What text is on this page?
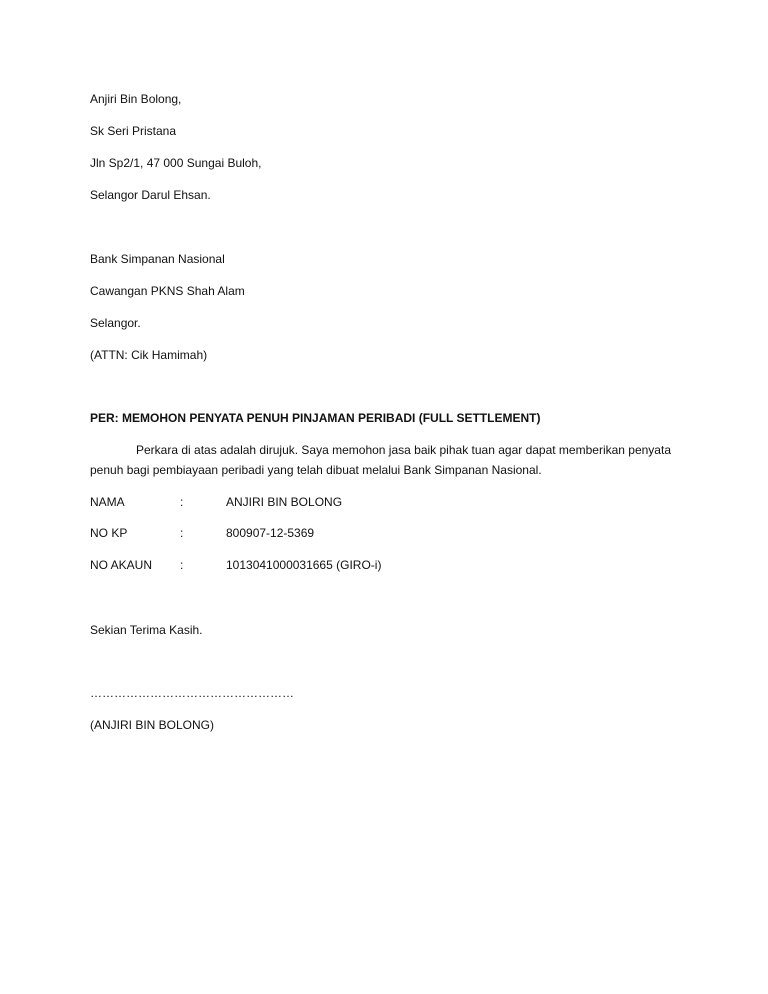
Anjiri Bin Bolong,
Sk Seri Pristana
Jln Sp2/1, 47 000 Sungai Buloh,
Selangor Darul Ehsan.
Bank Simpanan Nasional
Cawangan PKNS Shah Alam
Selangor.
(ATTN: Cik Hamimah)
PER: MEMOHON PENYATA PENUH PINJAMAN PERIBADI (FULL SETTLEMENT)
Perkara di atas adalah dirujuk. Saya memohon jasa baik pihak tuan agar dapat memberikan penyata penuh bagi pembiayaan peribadi yang telah dibuat melalui Bank Simpanan Nasional.
NAMA	:	ANJIRI BIN BOLONG
NO KP	:	800907-12-5369
NO AKAUN :	1013041000031665 (GIRO-i)
Sekian Terima Kasih.
……………………………………………
(ANJIRI BIN BOLONG)
